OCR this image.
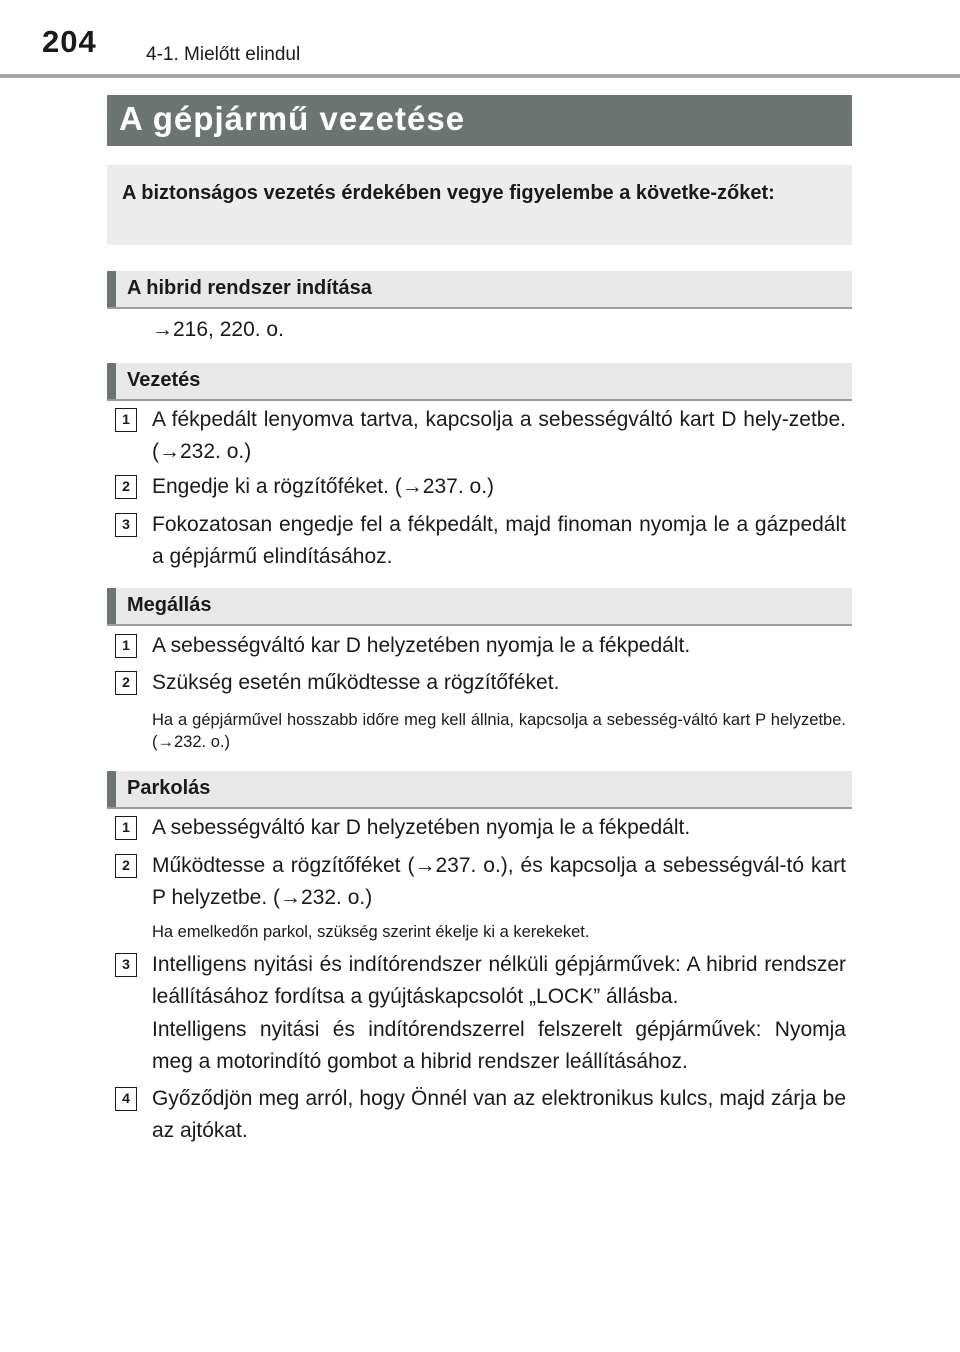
204	4-1. Mielőtt elindul
A gépjármű vezetése
A biztonságos vezetés érdekében vegye figyelembe a követke-zőket:
A hibrid rendszer indítása
→216, 220. o.
Vezetés
1	A fékpedált lenyomva tartva, kapcsolja a sebességváltó kart D hely-zetbe. (→232. o.)
2	Engedje ki a rögzítőféket. (→237. o.)
3	Fokozatosan engedje fel a fékpedált, majd finoman nyomja le a gázpedált a gépjármű elindításához.
Megállás
1	A sebességváltó kar D helyzetében nyomja le a fékpedált.
2	Szükség esetén működtesse a rögzítőféket.
Ha a gépjárművel hosszabb időre meg kell állnia, kapcsolja a sebesség-váltó kart P helyzetbe. (→232. o.)
Parkolás
1	A sebességváltó kar D helyzetében nyomja le a fékpedált.
2	Működtesse a rögzítőféket (→237. o.), és kapcsolja a sebességvál-tó kart P helyzetbe. (→232. o.)
Ha emelkedőn parkol, szükség szerint ékelje ki a kerekeket.
3	Intelligens nyitási és indítórendszer nélküli gépjárművek: A hibrid rendszer leállításához fordítsa a gyújtáskapcsolót „LOCK” állásba.
Intelligens nyitási és indítórendszerrel felszerelt gépjárművek: Nyomja meg a motorindító gombot a hibrid rendszer leállításához.
4	Győződjön meg arról, hogy Önnél van az elektronikus kulcs, majd zárja be az ajtókat.
